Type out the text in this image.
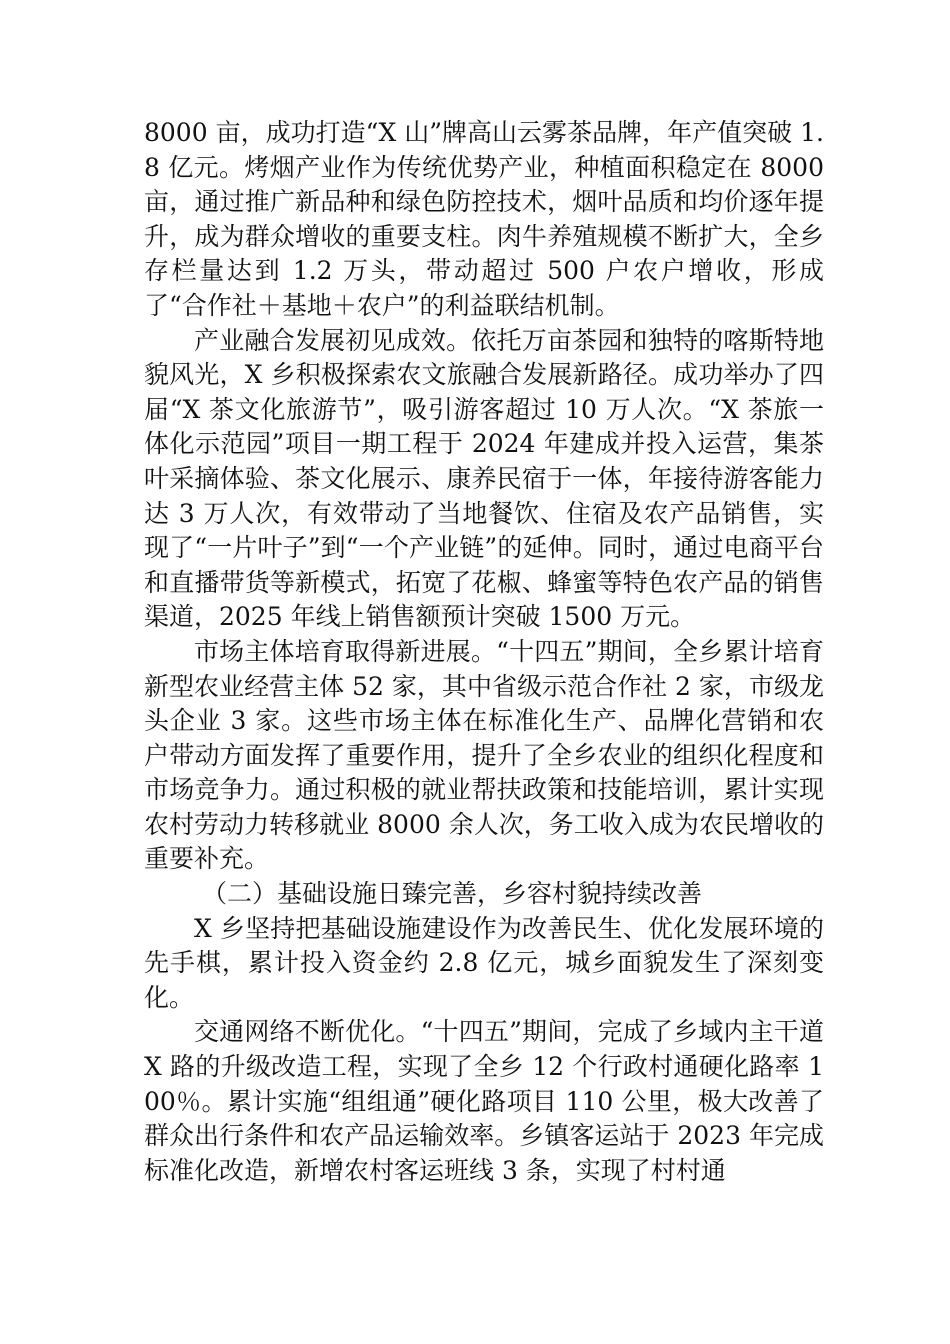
8000 亩，成功打造“X 山”牌高山云雾茶品牌，年产值突破 1.8 亿元。烤烟产业作为传统优势产业，种植面积稳定在 8000 亩，通过推广新品种和绿色防控技术，烟叶品质和均价逐年提升，成为群众增收的重要支柱。肉牛养殖规模不断扩大，全乡存栏量达到 1.2 万头，带动超过 500 户农户增收，形成了“合作社＋基地＋农户”的利益联结机制。

产业融合发展初见成效。依托万亩茶园和独特的喀斯特地貌风光，X 乡积极探索农文旅融合发展新路径。成功举办了四届“X 茶文化旅游节”，吸引游客超过 10 万人次。“X 茶旅一体化示范园”项目一期工程于 2024 年建成并投入运营，集茶叶采摘体验、茶文化展示、康养民宿于一体，年接待游客能力达 3 万人次，有效带动了当地餐饮、住宿及农产品销售，实现了“一片叶子”到“一个产业链”的延伸。同时，通过电商平台和直播带货等新模式，拓宽了花椒、蜂蜜等特色农产品的销售渠道，2025 年线上销售额预计突破 1500 万元。

市场主体培育取得新进展。“十四五”期间，全乡累计培育新型农业经营主体 52 家，其中省级示范合作社 2 家，市级龙头企业 3 家。这些市场主体在标准化生产、品牌化营销和农户带动方面发挥了重要作用，提升了全乡农业的组织化程度和市场竞争力。通过积极的就业帮扶政策和技能培训，累计实现农村劳动力转移就业 8000 余人次，务工收入成为农民增收的重要补充。

（二）基础设施日臻完善，乡容村貌持续改善

X 乡坚持把基础设施建设作为改善民生、优化发展环境的先手棋，累计投入资金约 2.8 亿元，城乡面貌发生了深刻变化。

交通网络不断优化。“十四五”期间，完成了乡域内主干道 X 路的升级改造工程，实现了全乡 12 个行政村通硬化路率 100％。累计实施“组组通”硬化路项目 110 公里，极大改善了群众出行条件和农产品运输效率。乡镇客运站于 2023 年完成标准化改造，新增农村客运班线 3 条，实现了村村通
